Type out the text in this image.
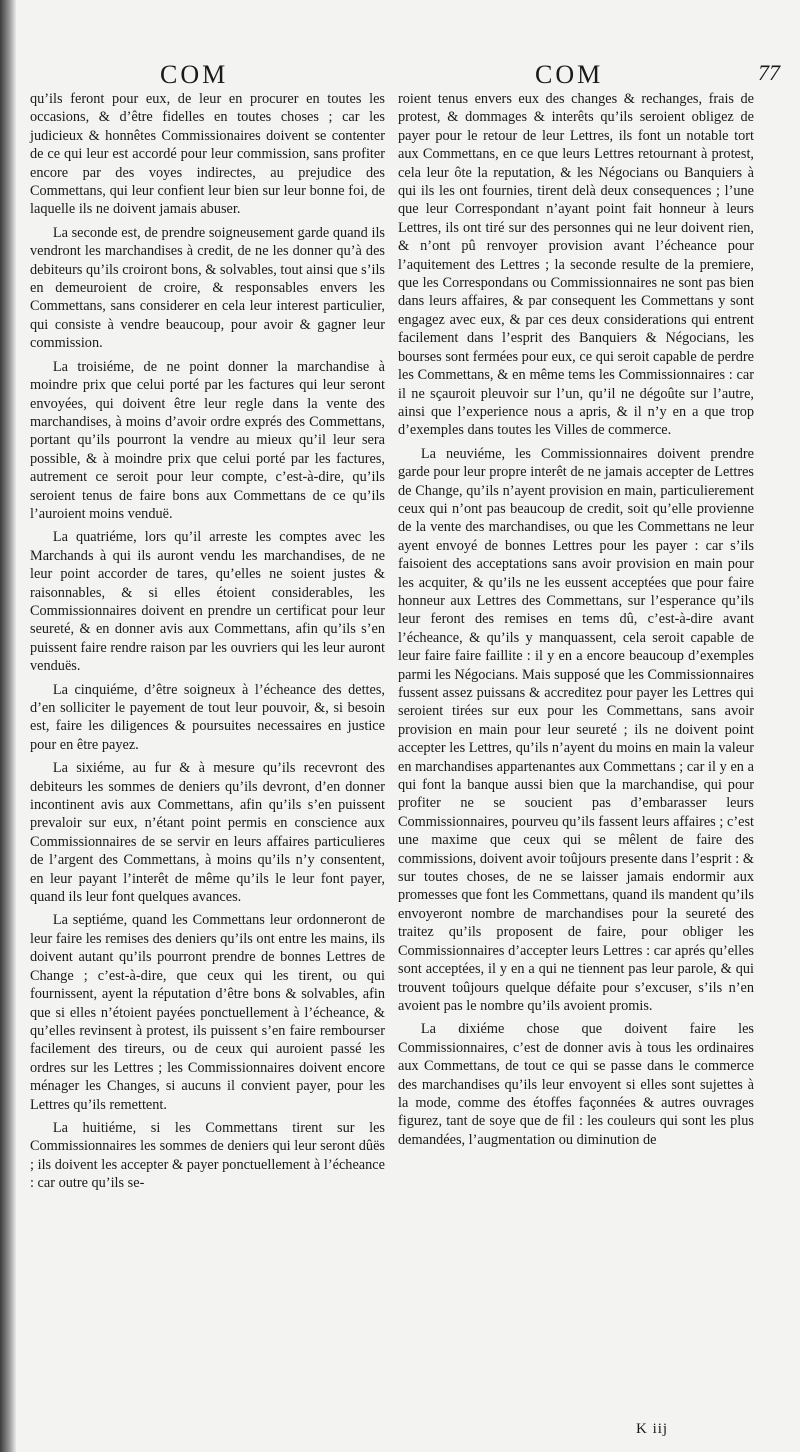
COM	COM	77

qu’ils feront pour eux, de leur en procurer en toutes les occasions, & d’être fidelles en toutes choses ; car les judicieux & honnêtes Commissionaires doivent se contenter de ce qui leur est accordé pour leur commission, sans profiter encore par des voyes indirectes, au prejudice des Commettans, qui leur confient leur bien sur leur bonne foi, de laquelle ils ne doivent jamais abuser.

La seconde est, de prendre soigneusement garde quand ils vendront les marchandises à credit, de ne les donner qu’à des debiteurs qu’ils croiront bons, & solvables, tout ainsi que s’ils en demeuroient de croire, & responsables envers les Commettans, sans considerer en cela leur interest particulier, qui consiste à vendre beaucoup, pour avoir & gagner leur commission.

La troisiéme, de ne point donner la marchandise à moindre prix que celui porté par les factures qui leur seront envoyées, qui doivent être leur regle dans la vente des marchandises, à moins d’avoir ordre exprés des Commettans, portant qu’ils pourront la vendre au mieux qu’il leur sera possible, & à moindre prix que celui porté par les factures, autrement ce seroit pour leur compte, c’est-à-dire, qu’ils seroient tenus de faire bons aux Commettans de ce qu’ils l’auroient moins venduë.

La quatriéme, lors qu’il arreste les comptes avec les Marchands à qui ils auront vendu les marchandises, de ne leur point accorder de tares, qu’elles ne soient justes & raisonnables, & si elles étoient considerables, les Commissionnaires doivent en prendre un certificat pour leur seureté, & en donner avis aux Commettans, afin qu’ils s’en puissent faire rendre raison par les ouvriers qui les leur auront venduës.

La cinquiéme, d’être soigneux à l’écheance des dettes, d’en solliciter le payement de tout leur pouvoir, &, si besoin est, faire les diligences & poursuites necessaires en justice pour en être payez.

La sixiéme, au fur & à mesure qu’ils recevront des debiteurs les sommes de deniers qu’ils devront, d’en donner incontinent avis aux Commettans, afin qu’ils s’en puissent prevaloir sur eux, n’étant point permis en conscience aux Commissionnaires de se servir en leurs affaires particulieres de l’argent des Commettans, à moins qu’ils n’y consentent, en leur payant l’interêt de même qu’ils le leur font payer, quand ils leur font quelques avances.

La septiéme, quand les Commettans leur ordonneront de leur faire les remises des deniers qu’ils ont entre les mains, ils doivent autant qu’ils pourront prendre de bonnes Lettres de Change ; c’est-à-dire, que ceux qui les tirent, ou qui fournissent, ayent la réputation d’être bons & solvables, afin que si elles n’étoient payées ponctuellement à l’écheance, & qu’elles revinsent à protest, ils puissent s’en faire rembourser facilement des tireurs, ou de ceux qui auroient passé les ordres sur les Lettres ; les Commissionnaires doivent encore ménager les Changes, si aucuns il convient payer, pour les Lettres qu’ils remettent.

La huitiéme, si les Commettans tirent sur les Commissionnaires les sommes de deniers qui leur seront dûës ; ils doivent les accepter & payer ponctuellement à l’écheance : car outre qu’ils se-

roient tenus envers eux des changes & rechanges, frais de protest, & dommages & interêts qu’ils seroient obligez de payer pour le retour de leur Lettres, ils font un notable tort aux Commettans, en ce que leurs Lettres retournant à protest, cela leur ôte la reputation, & les Négocians ou Banquiers à qui ils les ont fournies, tirent delà deux consequences ; l’une que leur Correspondant n’ayant point fait honneur à leurs Lettres, ils ont tiré sur des personnes qui ne leur doivent rien, & n’ont pû renvoyer provision avant l’écheance pour l’aquitement des Lettres ; la seconde resulte de la premiere, que les Correspondans ou Commissionnaires ne sont pas bien dans leurs affaires, & par consequent les Commettans y sont engagez avec eux, & par ces deux considerations qui entrent facilement dans l’esprit des Banquiers & Négocians, les bourses sont fermées pour eux, ce qui seroit capable de perdre les Commettans, & en même tems les Commissionnaires : car il ne sçauroit pleuvoir sur l’un, qu’il ne dégoûte sur l’autre, ainsi que l’experience nous a apris, & il n’y en a que trop d’exemples dans toutes les Villes de commerce.

La neuviéme, les Commissionnaires doivent prendre garde pour leur propre interêt de ne jamais accepter de Lettres de Change, qu’ils n’ayent provision en main, particulierement ceux qui n’ont pas beaucoup de credit, soit qu’elle provienne de la vente des marchandises, ou que les Commettans ne leur ayent envoyé de bonnes Lettres pour les payer : car s’ils faisoient des acceptations sans avoir provision en main pour les acquiter, & qu’ils ne les eussent acceptées que pour faire honneur aux Lettres des Commettans, sur l’esperance qu’ils leur feront des remises en tems dû, c’est-à-dire avant l’écheance, & qu’ils y manquassent, cela seroit capable de leur faire faire faillite : il y en a encore beaucoup d’exemples parmi les Négocians. Mais supposé que les Commissionnaires fussent assez puissans & accreditez pour payer les Lettres qui seroient tirées sur eux pour les Commettans, sans avoir provision en main pour leur seureté ; ils ne doivent point accepter les Lettres, qu’ils n’ayent du moins en main la valeur en marchandises appartenantes aux Commettans ; car il y en a qui font la banque aussi bien que la marchandise, qui pour profiter ne se soucient pas d’embarasser leurs Commissionnaires, pourveu qu’ils fassent leurs affaires ; c’est une maxime que ceux qui se mêlent de faire des commissions, doivent avoir toûjours presente dans l’esprit : & sur toutes choses, de ne se laisser jamais endormir aux promesses que font les Commettans, quand ils mandent qu’ils envoyeront nombre de marchandises pour la seureté des traitez qu’ils proposent de faire, pour obliger les Commissionnaires d’accepter leurs Lettres : car aprés qu’elles sont acceptées, il y en a qui ne tiennent pas leur parole, & qui trouvent toûjours quelque défaite pour s’excuser, s’ils n’en avoient pas le nombre qu’ils avoient promis.

La dixiéme chose que doivent faire les Commissionnaires, c’est de donner avis à tous les ordinaires aux Commettans, de tout ce qui se passe dans le commerce des marchandises qu’ils leur envoyent si elles sont sujettes à la mode, comme des étoffes façonnées & autres ouvrages figurez, tant de soye que de fil : les couleurs qui sont les plus demandées, l’augmentation ou diminution de

K iij
